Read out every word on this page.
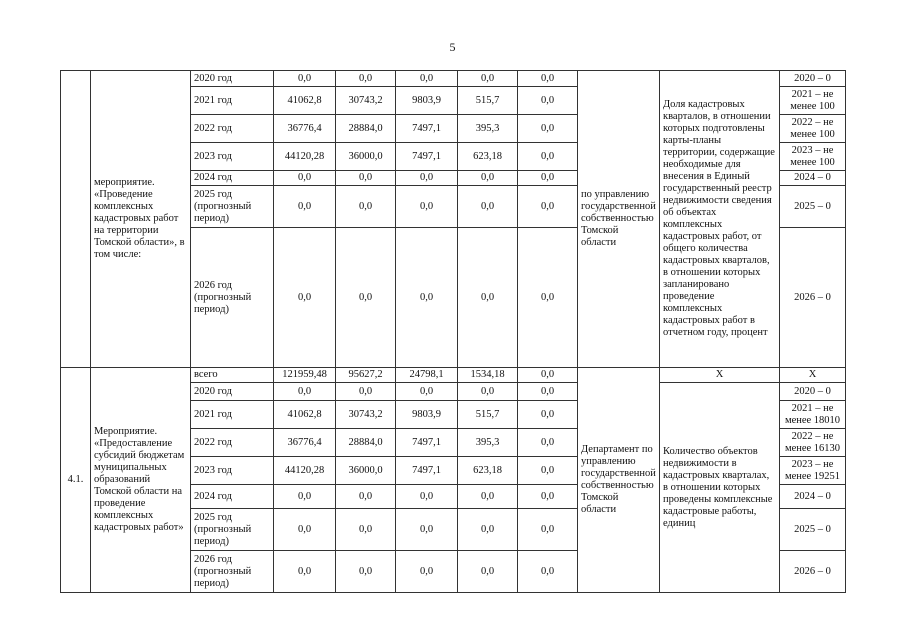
5
	мероприятие. «Проведение комплексных кадастровых работ на территории Томской области», в том числе:	2020 год	0,0	0,0	0,0	0,0	0,0	по управлению государственной собственностью Томской области	Доля кадастровых кварталов, в отношении которых подготовлены карты-планы территории, содержащие необходимые для внесения в Единый государственный реестр недвижимости сведения об объектах комплексных кадастровых работ, от общего количества кадастровых кварталов, в отношении которых запланировано проведение комплексных кадастровых работ в отчетном году, процент	2020 – 0
		2021 год	41062,8	30743,2	9803,9	515,7	0,0			2021 – не менее 100
		2022 год	36776,4	28884,0	7497,1	395,3	0,0			2022 – не менее 100
		2023 год	44120,28	36000,0	7497,1	623,18	0,0			2023 – не менее 100
		2024 год	0,0	0,0	0,0	0,0	0,0			2024 – 0
		2025 год (прогнозный период)	0,0	0,0	0,0	0,0	0,0			2025 – 0
		2026 год (прогнозный период)	0,0	0,0	0,0	0,0	0,0			2026 – 0
4.1.	Мероприятие. «Предоставление субсидий бюджетам муниципальных образований Томской области на проведение комплексных кадастровых работ»	всего	121959,48	95627,2	24798,1	1534,18	0,0	Департамент по управлению государственной собственностью Томской области	X	X
		2020 год	0,0	0,0	0,0	0,0	0,0		Количество объектов недвижимости в кадастровых кварталах, в отношении которых проведены комплексные кадастровые работы, единиц	2020 – 0
		2021 год	41062,8	30743,2	9803,9	515,7	0,0			2021 – не менее 18010
		2022 год	36776,4	28884,0	7497,1	395,3	0,0			2022 – не менее 16130
		2023 год	44120,28	36000,0	7497,1	623,18	0,0			2023 – не менее 19251
		2024 год	0,0	0,0	0,0	0,0	0,0			2024 – 0
		2025 год (прогнозный период)	0,0	0,0	0,0	0,0	0,0			2025 – 0
		2026 год (прогнозный период)	0,0	0,0	0,0	0,0	0,0			2026 – 0
